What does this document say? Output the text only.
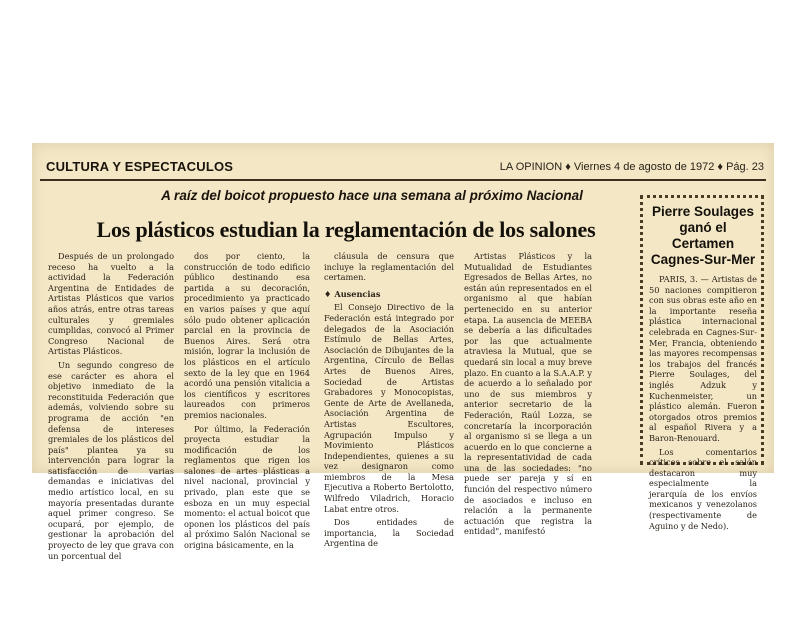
CULTURA Y ESPECTACULOS	LA OPINION ♦ Viernes 4 de agosto de 1972 ♦ Pág. 23
A raíz del boicot propuesto hace una semana al próximo Nacional
Los plásticos estudian la reglamentación de los salones

Después de un prolongado receso ha vuelto a la actividad la Federación Argentina de Entidades de Artistas Plásticos que varios años atrás, entre otras tareas culturales y gremiales cumplidas, convocó al Primer Congreso Nacional de Artistas Plásticos.

Un segundo congreso de ese carácter es ahora el objetivo inmediato de la reconstituida Federación que además, volviendo sobre su programa de acción "en defensa de intereses gremiales de los plásticos del país" plantea ya su intervención para lograr la satisfacción de varias demandas e iniciativas del medio artístico local, en su mayoría presentadas durante aquel primer congreso. Se ocupará, por ejemplo, de gestionar la aprobación del proyecto de ley que grava con un porcentual del

dos por ciento, la construcción de todo edificio público destinando esa partida a su decoración, procedimiento ya practicado en varios países y que aquí sólo pudo obtener aplicación parcial en la provincia de Buenos Aires. Será otra misión, lograr la inclusión de los plásticos en el artículo sexto de la ley que en 1964 acordó una pensión vitalicia a los científicos y escritores laureados con primeros premios nacionales.

Por último, la Federación proyecta estudiar la modificación de los reglamentos que rigen los salones de artes plásticas a nivel nacional, provincial y privado, plan este que se esboza en un muy especial momento: el actual boicot que oponen los plásticos del país al próximo Salón Nacional se origina básicamente, en la

cláusula de censura que incluye la reglamentación del certamen.

♦ Ausencias

El Consejo Directivo de la Federación está integrado por delegados de la Asociación Estímulo de Bellas Artes, Asociación de Dibujantes de la Argentina, Círculo de Bellas Artes de Buenos Aires, Sociedad de Artistas Grabadores y Monocopistas, Gente de Arte de Avellaneda, Asociación Argentina de Artistas Escultores, Agrupación Impulso y Movimiento Plásticos Independientes, quienes a su vez designaron como miembros de la Mesa Ejecutiva a Roberto Bertolotto, Wilfredo Viladrich, Horacio Labat entre otros.

Dos entidades de importancia, la Sociedad Argentina de

Artistas Plásticos y la Mutualidad de Estudiantes Egresados de Bellas Artes, no están aún representados en el organismo al que habían pertenecido en su anterior etapa. La ausencia de MEEBA se debería a las dificultades por las que actualmente atraviesa la Mutual, que se quedará sin local a muy breve plazo. En cuanto a la S.A.A.P. y de acuerdo a lo señalado por uno de sus miembros y anterior secretario de la Federación, Raúl Lozza, se concretaría la incorporación al organismo si se llega a un acuerdo en lo que concierne a la representatividad de cada una de las sociedades: "no puede ser pareja y sí en función del respectivo número de asociados e incluso en relación a la permanente actuación que registra la entidad", manifestó

Pierre Soulages ganó el Certamen Cagnes-Sur-Mer

PARIS, 3. — Artistas de 50 naciones compitieron con sus obras este año en la importante reseña plástica internacional celebrada en Cagnes-Sur-Mer, Francia, obteniendo las mayores recompensas los trabajos del francés Pierre Soulages, del inglés Adzuk y Kuchenmeister, un plástico alemán. Fueron otorgados otros premios al español Rivera y a Baron-Renouard.

Los comentarios críticos sobre el salón destacaron muy especialmente la jerarquía de los envíos mexicanos y venezolanos (respectivamente de Aguino y de Nedo).
